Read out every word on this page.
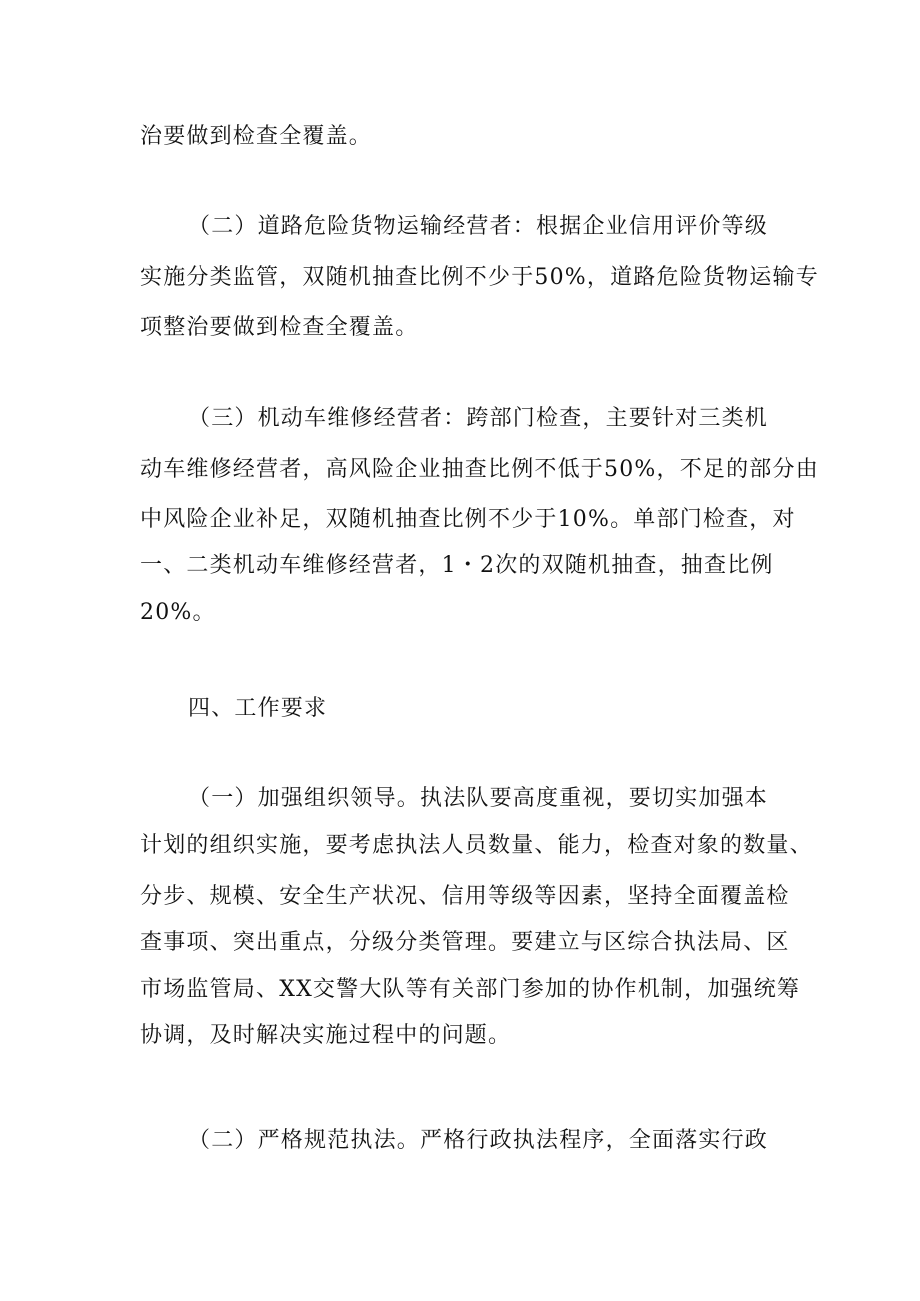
治要做到检查全覆盖。
（二）道路危险货物运输经营者：根据企业信用评价等级
实施分类监管，双随机抽查比例不少于50%，道路危险货物运输专
项整治要做到检查全覆盖。
（三）机动车维修经营者：跨部门检查，主要针对三类机
动车维修经营者，高风险企业抽查比例不低于50%，不足的部分由
中风险企业补足，双随机抽查比例不少于10%。单部门检查，对
一、二类机动车维修经营者，1・2次的双随机抽查，抽查比例
20%。
四、工作要求
（一）加强组织领导。执法队要高度重视，要切实加强本
计划的组织实施，要考虑执法人员数量、能力，检查对象的数量、
分步、规模、安全生产状况、信用等级等因素，坚持全面覆盖检
查事项、突出重点，分级分类管理。要建立与区综合执法局、区
市场监管局、XX交警大队等有关部门参加的协作机制，加强统筹
协调，及时解决实施过程中的问题。
（二）严格规范执法。严格行政执法程序，全面落实行政
